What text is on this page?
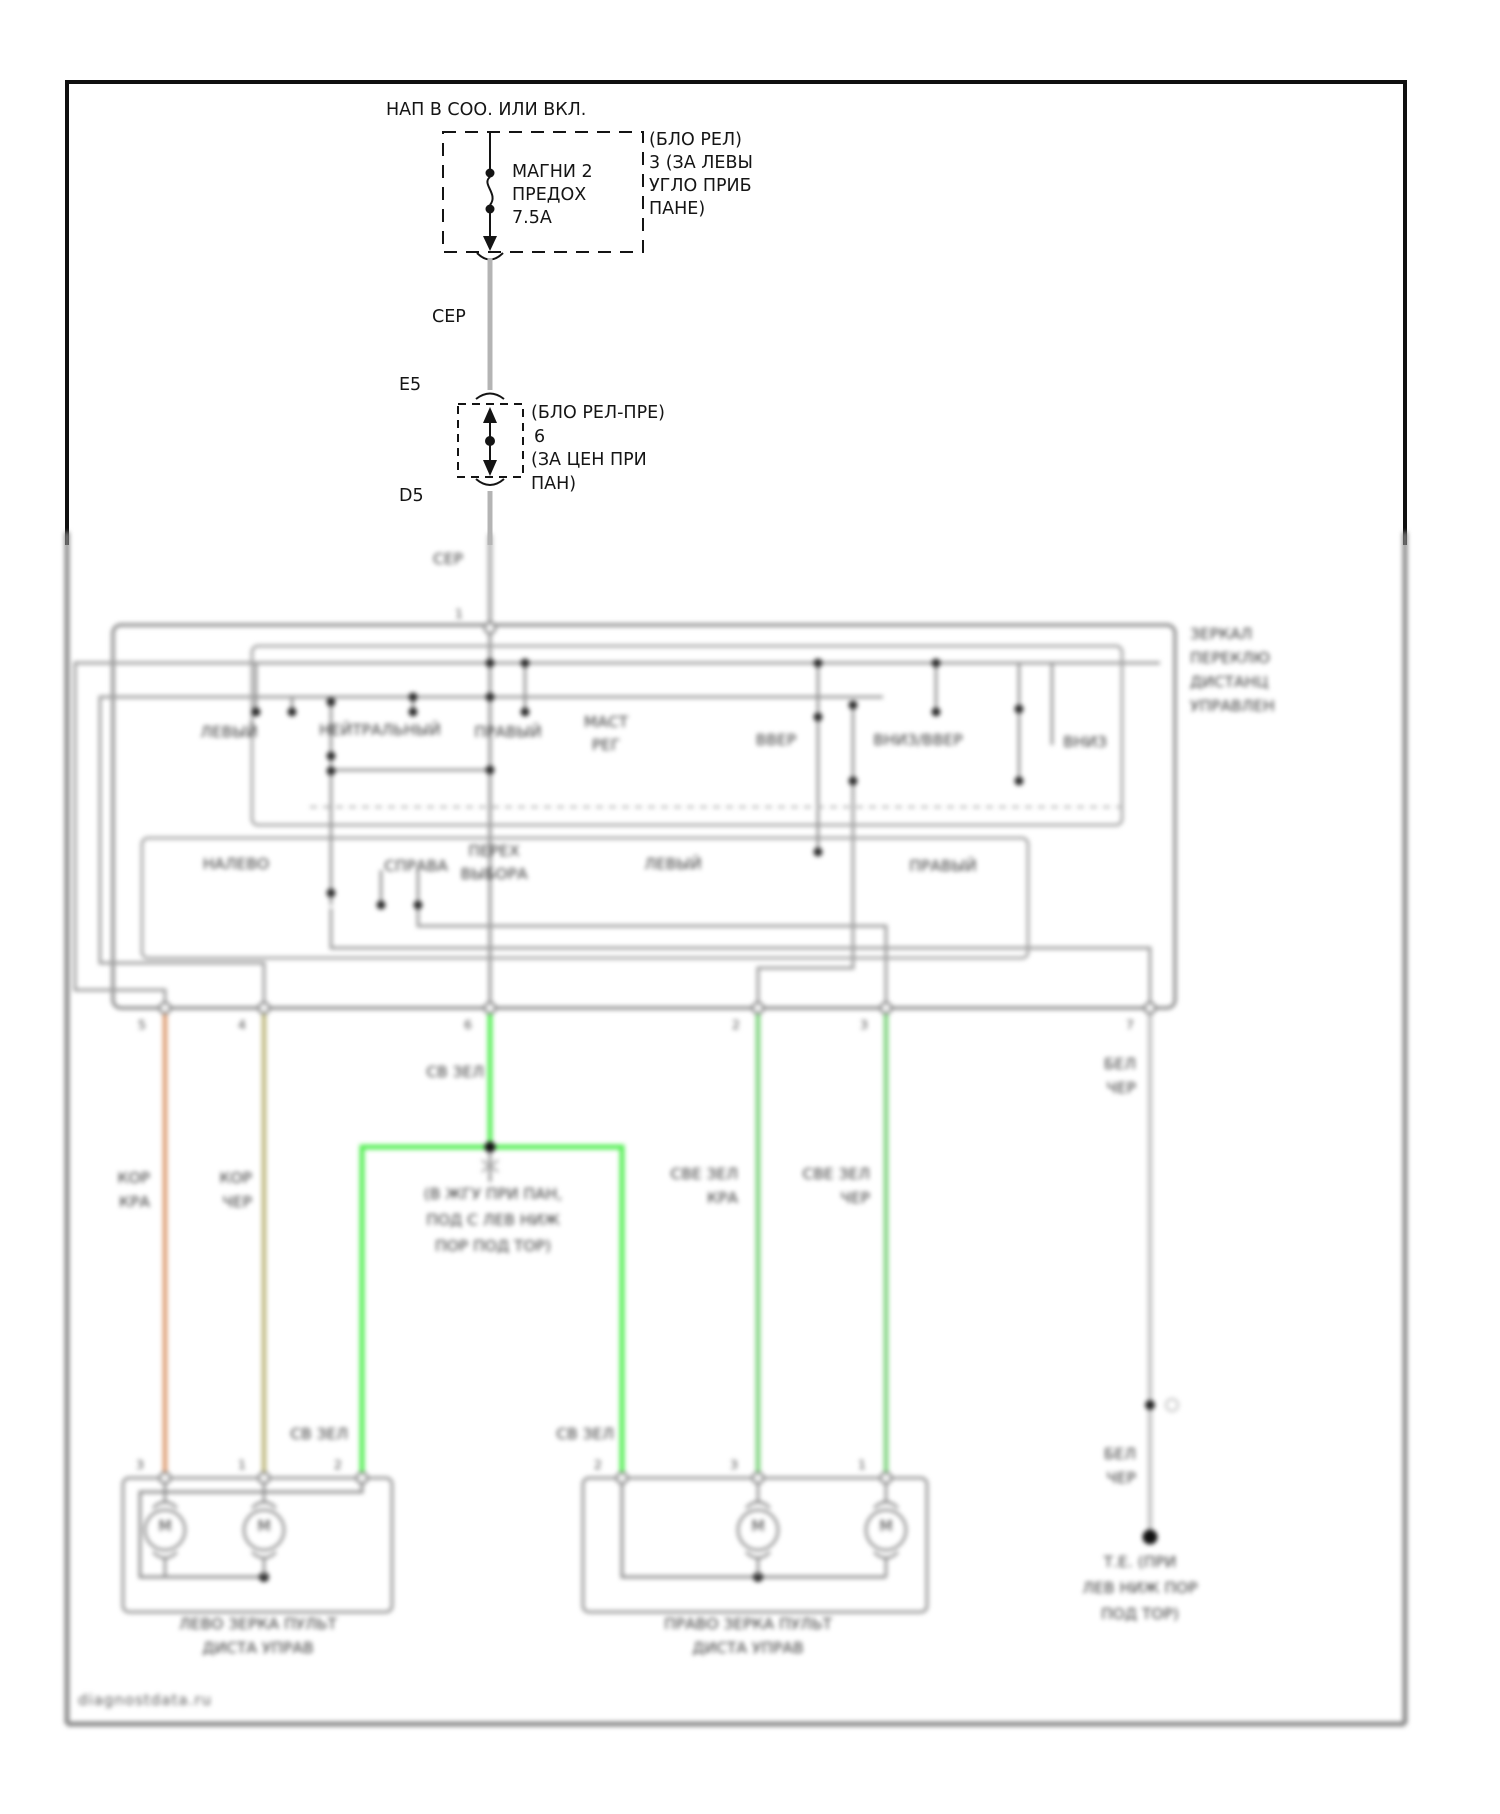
НАП В СОО. ИЛИ ВКЛ.
МАГНИ 2
ПРЕДОХ
7.5А
(БЛО РЕЛ)
3 (ЗА ЛЕВЫ
УГЛО ПРИБ
ПАНЕ)
СЕР
E5
D5
(БЛО РЕЛ-ПРЕ)
6
(ЗА ЦЕН ПРИ
ПАН)
СЕР
1
ЛЕВЫЙ	НЕЙТРАЛЬНЫЙ	ПРАВЫЙ
МАСТ
РЕГ	ВВЕР	ВНИЗ/ВВЕР	ВНИЗ
НАЛЕВО	СПРАВА
ПЕРЕХ
ВЫБОРА
ЛЕВЫЙ	ПРАВЫЙ
ЗЕРКАЛ
ПЕРЕКЛЮ
ДИСТАНЦ
УПРАВЛЕН
5	4	6	2	3	7
СВ ЗЕЛ
КОР
КРА
КОР
ЧЕР
СВЕ ЗЕЛ
КРА
СВЕ ЗЕЛ
ЧЕР
(В ЖГУ ПРИ ПАН,
ПОД С ЛЕВ НИЖ
ПОР ПОД ТОР)
СВ ЗЕЛ	СВ ЗЕЛ
БЕЛ
ЧЕР
БЕЛ
ЧЕР
Т.Е. (ПРИ
ЛЕВ НИЖ ПОР
ПОД ТОР)
3	1	2	2	3	1
М	М	М	М
ЛЕВО ЗЕРКА ПУЛЬТ
ДИСТА УПРАВ
ПРАВО ЗЕРКА ПУЛЬТ
ДИСТА УПРАВ
diagnostdata.ru
